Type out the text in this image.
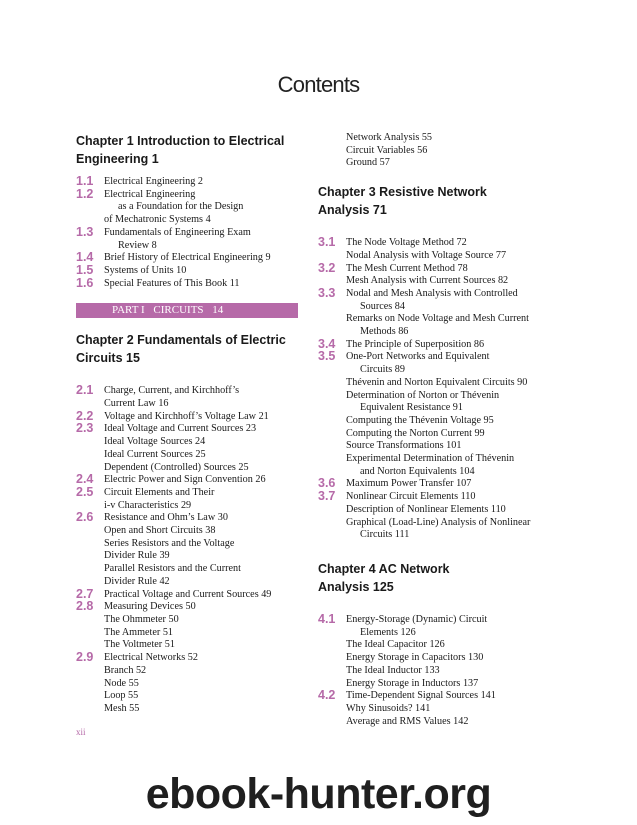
Contents
Chapter 1 Introduction to Electrical
Engineering 1
1.1 Electrical Engineering 2
1.2 Electrical Engineering
as a Foundation for the Design
of Mechatronic Systems 4
1.3 Fundamentals of Engineering Exam
Review 8
1.4 Brief History of Electrical Engineering 9
1.5 Systems of Units 10
1.6 Special Features of This Book 11
PART I CIRCUITS 14
Chapter 2 Fundamentals of Electric
Circuits 15
2.1 Charge, Current, and Kirchhoff’s
Current Law 16
2.2 Voltage and Kirchhoff’s Voltage Law 21
2.3 Ideal Voltage and Current Sources 23
Ideal Voltage Sources 24
Ideal Current Sources 25
Dependent (Controlled) Sources 25
2.4 Electric Power and Sign Convention 26
2.5 Circuit Elements and Their
i-v Characteristics 29
2.6 Resistance and Ohm’s Law 30
Open and Short Circuits 38
Series Resistors and the Voltage
Divider Rule 39
Parallel Resistors and the Current
Divider Rule 42
2.7 Practical Voltage and Current Sources 49
2.8 Measuring Devices 50
The Ohmmeter 50
The Ammeter 51
The Voltmeter 51
2.9 Electrical Networks 52
Branch 52
Node 55
Loop 55
Mesh 55
Network Analysis 55
Circuit Variables 56
Ground 57
Chapter 3 Resistive Network
Analysis 71
3.1 The Node Voltage Method 72
Nodal Analysis with Voltage Source 77
3.2 The Mesh Current Method 78
Mesh Analysis with Current Sources 82
3.3 Nodal and Mesh Analysis with Controlled
Sources 84
Remarks on Node Voltage and Mesh Current
Methods 86
3.4 The Principle of Superposition 86
3.5 One-Port Networks and Equivalent
Circuits 89
Thévenin and Norton Equivalent Circuits 90
Determination of Norton or Thévenin
Equivalent Resistance 91
Computing the Thévenin Voltage 95
Computing the Norton Current 99
Source Transformations 101
Experimental Determination of Thévenin
and Norton Equivalents 104
3.6 Maximum Power Transfer 107
3.7 Nonlinear Circuit Elements 110
Description of Nonlinear Elements 110
Graphical (Load-Line) Analysis of Nonlinear
Circuits 111
Chapter 4 AC Network
Analysis 125
4.1 Energy-Storage (Dynamic) Circuit
Elements 126
The Ideal Capacitor 126
Energy Storage in Capacitors 130
The Ideal Inductor 133
Energy Storage in Inductors 137
4.2 Time-Dependent Signal Sources 141
Why Sinusoids? 141
Average and RMS Values 142
xii
ebook-hunter.org
